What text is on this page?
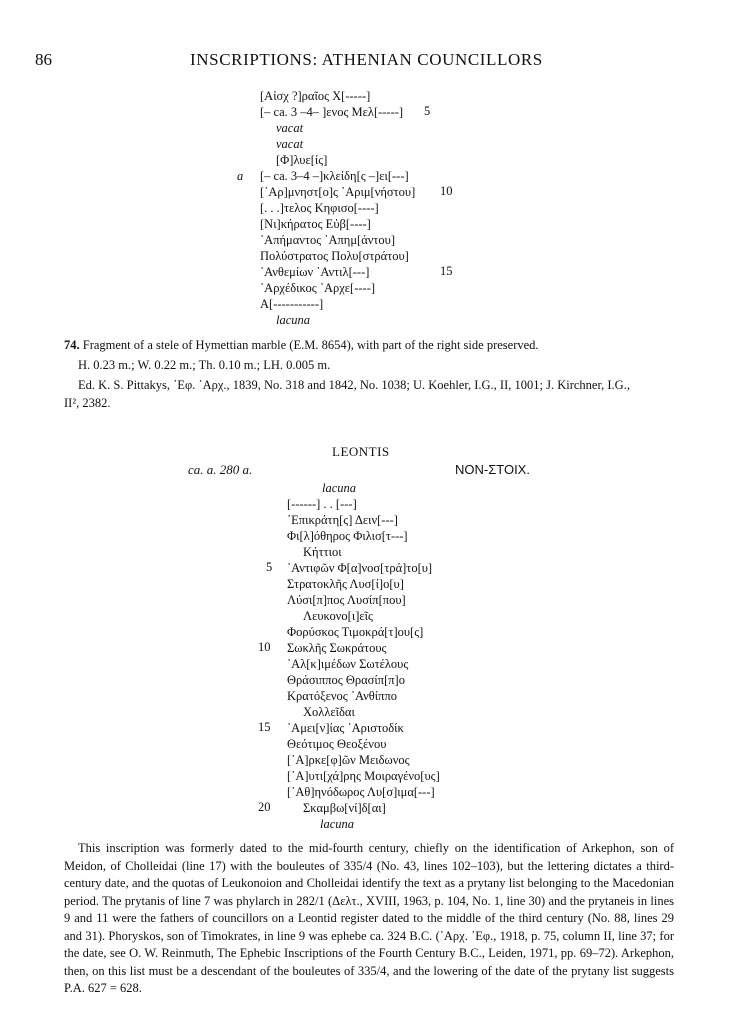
86	INSCRIPTIONS: ATHENIAN COUNCILLORS
[Αἰσχ ?]ραῖος Χ[-----]
[– ca. 3 –4– ]ενος Μελ[-----] 5
vacat
vacat
[Φ]λυε[ίς]
a [– ca. 3–4 –]κλείδη[ς –]ει[---]
[᾿Αρ]μνηστ[ο]ς ᾿Αριμ[νήστου] 10
[. . .]τελος Κηφισο[----]
[Νι]κήρατος Εὐβ[----]
᾿Απήμαντος ᾿Απημ[άντου]
Πολύστρατος Πολυ[στράτου]
᾿Ανθεμίων ᾿Αντιλ[---]	15
᾿Αρχέδικος ᾿Αρχε[----]
Α[-----------]
lacuna
74. Fragment of a stele of Hymettian marble (E.M. 8654), with part of the right side preserved.
H. 0.23 m.; W. 0.22 m.; Th. 0.10 m.; LH. 0.005 m.
Ed. K. S. Pittakys, ᾿Εφ. ᾿Αρχ., 1839, No. 318 and 1842, No. 1038; U. Koehler, I.G., II, 1001; J. Kirchner, I.G.,
II², 2382.
LEONTIS
ca. a. 280 a.	NON-ΣΤΟΙΧ.
lacuna
[------] . . [---]
᾿Επικράτη[ς] Δειν[---]
Φι[λ]όθηρος Φιλισ[τ---]
Κήττιοι
5 ᾿Αντιφῶν Φ[α]νοσ[τρά]το[υ]
Στρατοκλῆς Λυσ[ί]ο[υ]
Λύσι[π]πος Λυσίπ[που]
Λευκονο[ι]εῖς
Φορύσκος Τιμοκρά[τ]ου[ς]
10 Σωκλῆς Σωκράτους
᾿Αλ[κ]ιμέδων Σωτέλους
Θράσιππος Θρασίπ[π]ο
Κρατόξενος ᾿Ανθίππο
Χολλεῖδαι
15 ᾿Αμει[ν]ίας ᾿Αριστοδίκ
Θεότιμος Θεοξένου
[᾿Α]ρκε[φ]ῶν Μειδωνος
[᾿Α]υτι[χά]ρης Μοιραγένο[υς]
[᾿Αθ]ηνόδωρος Λυ[σ]ιμα[---]
20	Σκαμβω[νί]δ[αι]
lacuna
This inscription was formerly dated to the mid-fourth century, chiefly on the identification of Arkephon, son of Meidon, of Cholleidai (line 17) with the bouleutes of 335/4 (No. 43, lines 102–103), but the lettering dictates a third-century date, and the quotas of Leukonoion and Cholleidai identify the text as a prytany list belonging to the Macedonian period. The prytanis of line 7 was phylarch in 282/1 (Δελτ., XVIII, 1963, p. 104, No. 1, line 30) and the prytaneis in lines 9 and 11 were the fathers of councillors on a Leontid register dated to the middle of the third century (No. 88, lines 29 and 31). Phoryskos, son of Timokrates, in line 9 was ephebe ca. 324 B.C. (᾿Αρχ. ᾿Εφ., 1918, p. 75, column II, line 37; for the date, see O. W. Reinmuth, The Ephebic Inscriptions of the Fourth Century B.C., Leiden, 1971, pp. 69–72). Arkephon, then, on this list must be a descendant of the bouleutes of 335/4, and the lowering of the date of the prytany list suggests P.A. 627 = 628.
